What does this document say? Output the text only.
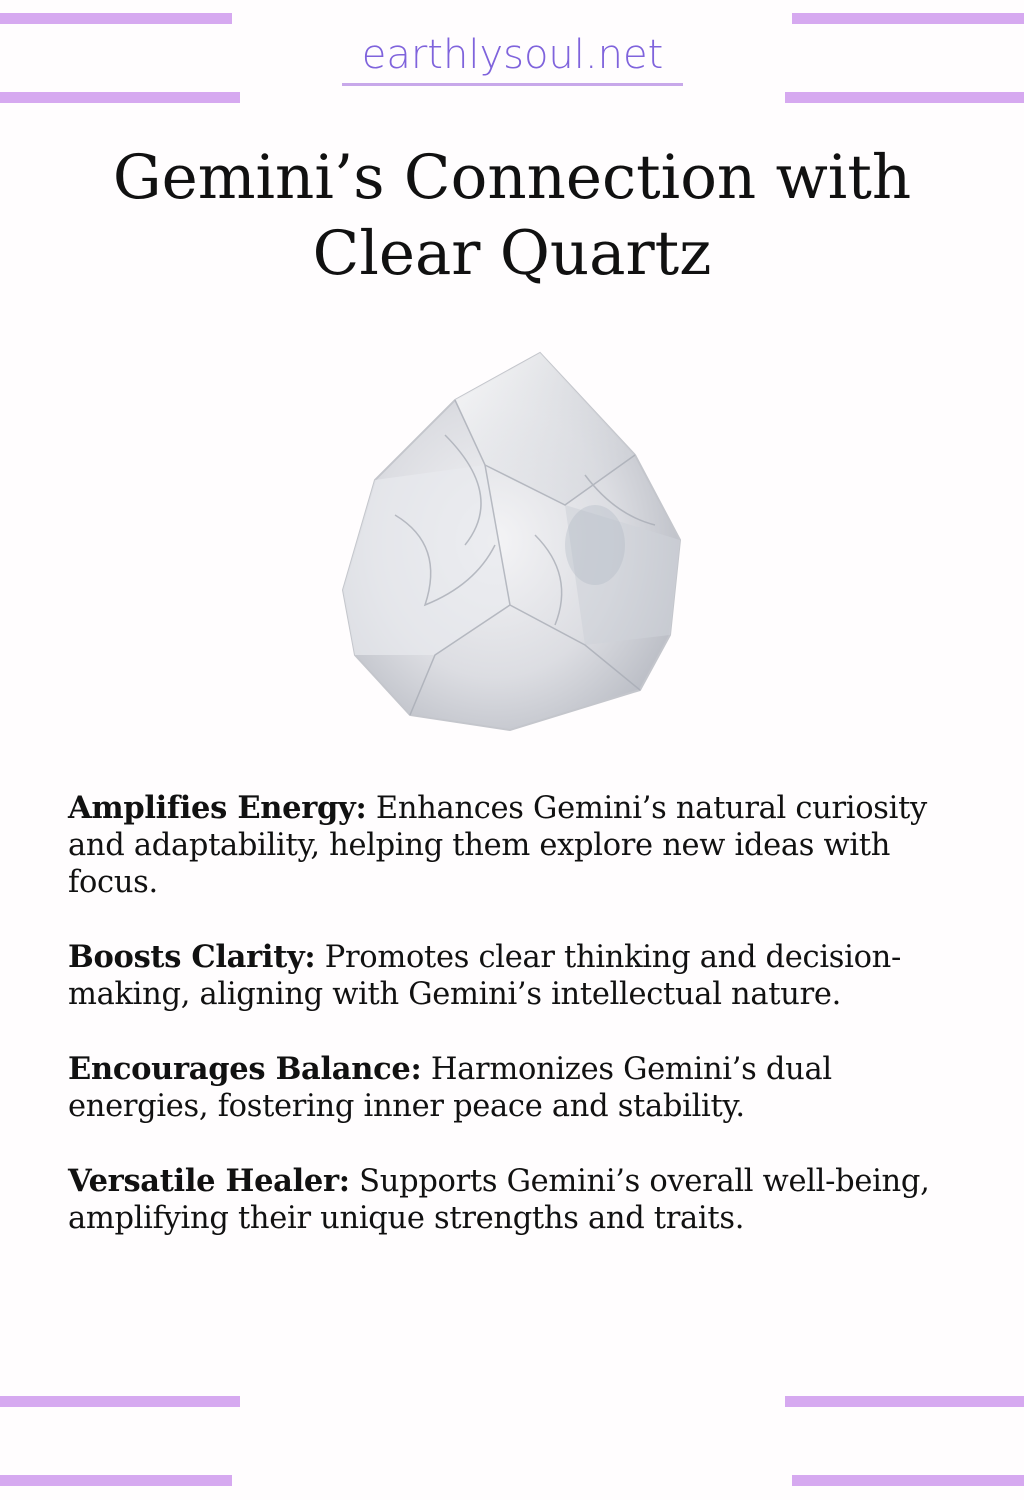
earthlysoul.net
Gemini’s Connection with
Clear Quartz

Amplifies Energy: Enhances Gemini’s natural curiosity and adaptability, helping them explore new ideas with focus.

Boosts Clarity: Promotes clear thinking and decision-making, aligning with Gemini’s intellectual nature.

Encourages Balance: Harmonizes Gemini’s dual energies, fostering inner peace and stability.

Versatile Healer: Supports Gemini’s overall well-being, amplifying their unique strengths and traits.
